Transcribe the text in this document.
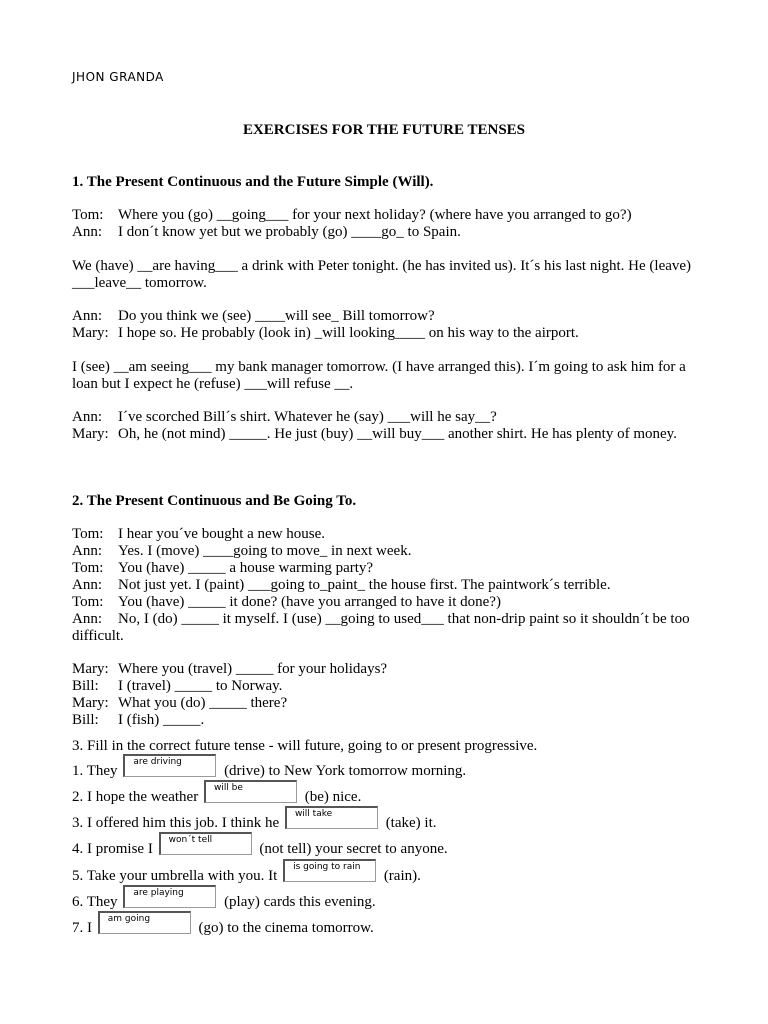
JHON GRANDA
EXERCISES FOR THE FUTURE TENSES
1. The Present Continuous and the Future Simple (Will).
Tom: Where you (go) __going___ for your next holiday? (where have you arranged to go?)
Ann:	I don´t know yet but we probably (go) ____go_ to Spain.
We (have) __are having___ a drink with Peter tonight. (he has invited us). It´s his last night. He (leave) ___leave__ tomorrow.
Ann:	Do you think we (see) ____will see_ Bill tomorrow?
Mary: I hope so. He probably (look in) _will looking____ on his way to the airport.
I (see) __am seeing___ my bank manager tomorrow. (I have arranged this). I´m going to ask him for a loan but I expect he (refuse) ___will refuse __.
Ann:	I´ve scorched Bill´s shirt. Whatever he (say) ___will he say__?
Mary: Oh, he (not mind) _____. He just (buy) __will buy___ another shirt. He has plenty of money.
2. The Present Continuous and Be Going To.
Tom: I hear you´ve bought a new house.
Ann:	Yes. I (move) ____going to move_ in next week.
Tom: You (have) _____ a house warming party?
Ann:	Not just yet. I (paint) ___going to_paint_ the house first. The paintwork´s terrible.
Tom: You (have) _____ it done? (have you arranged to have it done?)
Ann:	No, I (do) _____ it myself. I (use) __going to used___ that non-drip paint so it shouldn´t be too difficult.
Mary: Where you (travel) _____ for your holidays?
Bill:	I (travel) _____ to Norway.
Mary: What you (do) _____ there?
Bill:	I (fish) _____.
3. Fill in the correct future tense - will future, going to or present progressive.
1. They
are driving
(drive) to New York tomorrow morning.
2. I hope the weather
will be
(be) nice.
3. I offered him this job. I think he
will take
(take) it.
4. I promise I
won´t tell
(not tell) your secret to anyone.
5. Take your umbrella with you. It
is going to rain
(rain).
6. They
are playing
(play) cards this evening.
7. I
am going
(go) to the cinema tomorrow.
